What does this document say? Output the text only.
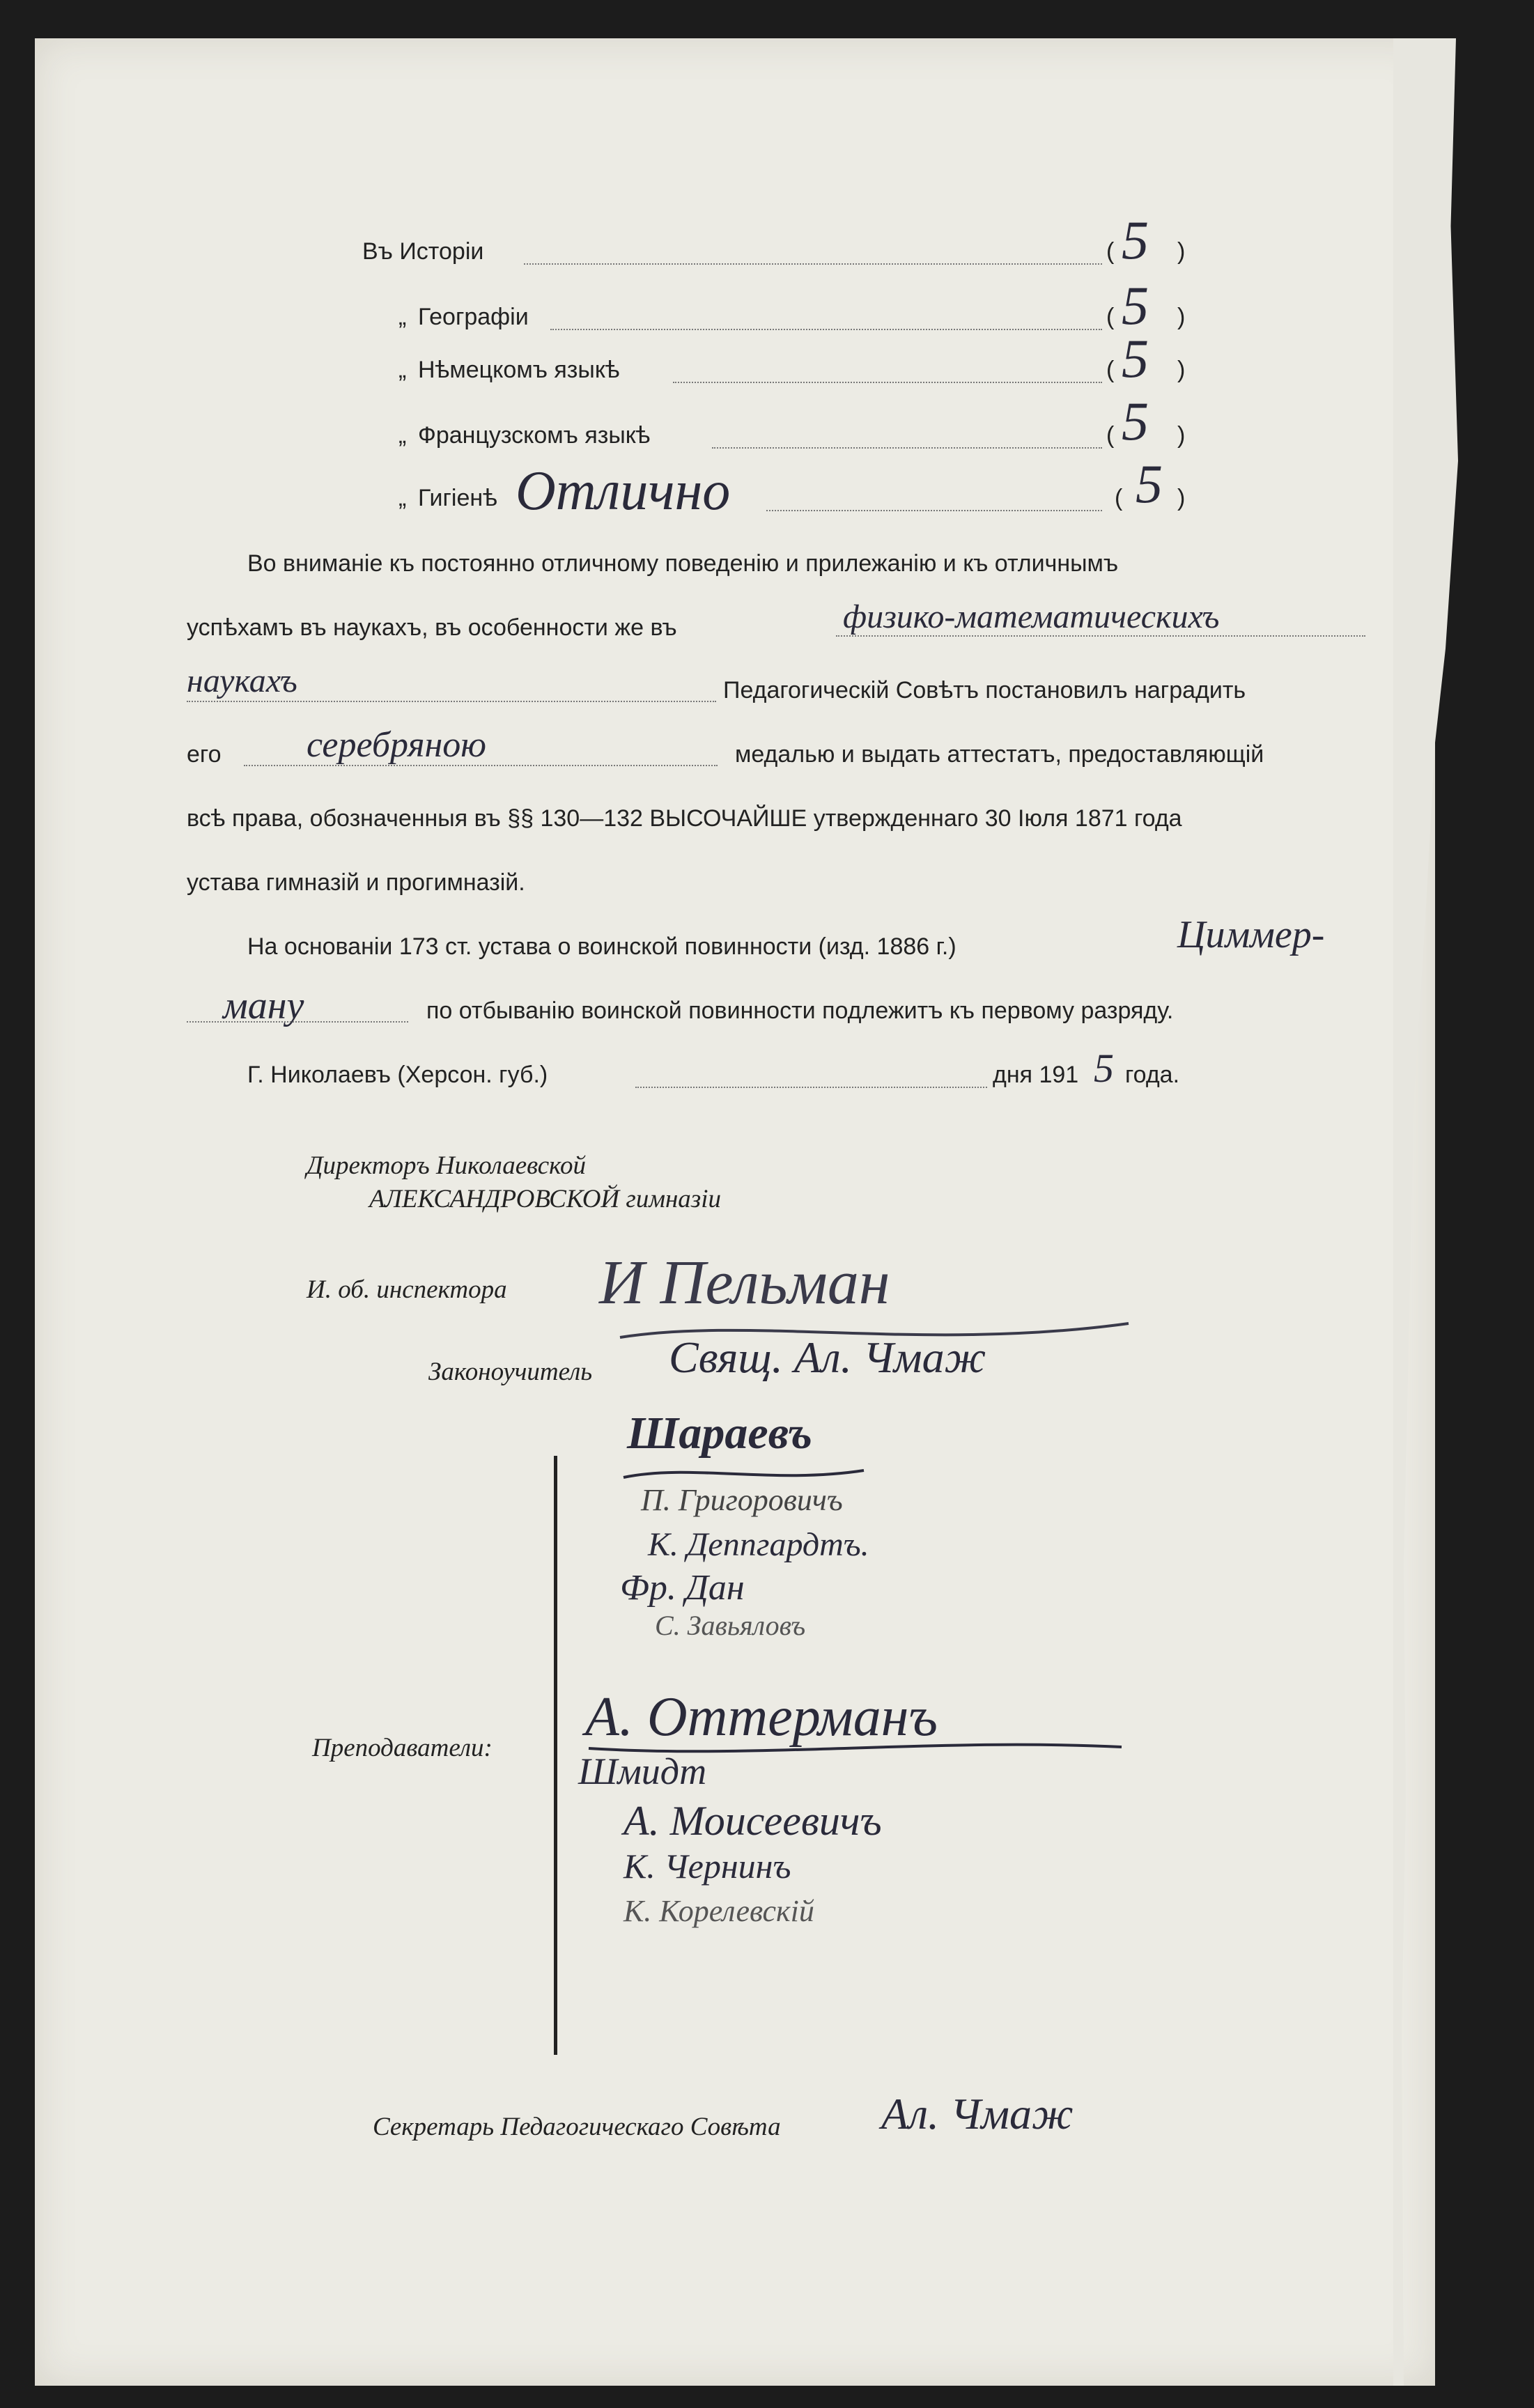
Въ Исторіи	( 5 )
„ Географіи	( 5 )
„ Нѣмецкомъ языкѣ	( 5 )
„ Французскомъ языкѣ	( 5 )
„ Гигіенѣ Отлично	( 5 )
Во вниманіе къ постоянно отличному поведенію и прилежанію и къ отличнымъ
успѣхамъ въ наукахъ, въ особенности же въ	физико-математическихъ
наукахъ	Педагогическій Совѣтъ постановилъ наградить
его серебряною	медалью и выдать аттестатъ, предоставляющій
всѣ права, обозначенныя въ §§ 130—132 ВЫСОЧАЙШЕ утвержденнаго 30 Іюля 1871 года
устава гимназій и прогимназій.
На основаніи 173 ст. устава о воинской повинности (изд. 1886 г.)	Циммер-
ману	по отбыванію воинской повинности подлежитъ къ первому разряду.
Г. Николаевъ (Херсон. губ.)	дня 191 5 года.
Директоръ Николаевской
АЛЕКСАНДРОВСКОЙ гимназіи
И. об. инспектора И Пельман
Законоучитель Свящ. Ал. Чмаж
Шараевъ
П. Григоровичъ
К. Деппгардтъ.
Фр. Дан
С. Завьяловъ
Преподаватели:
А. Оттерманъ
Шмидт
А. Моисеевичъ
К. Чернинъ
К. Корелевскій
Секретарь Педагогическаго Совѣта Ал. Чмаж
